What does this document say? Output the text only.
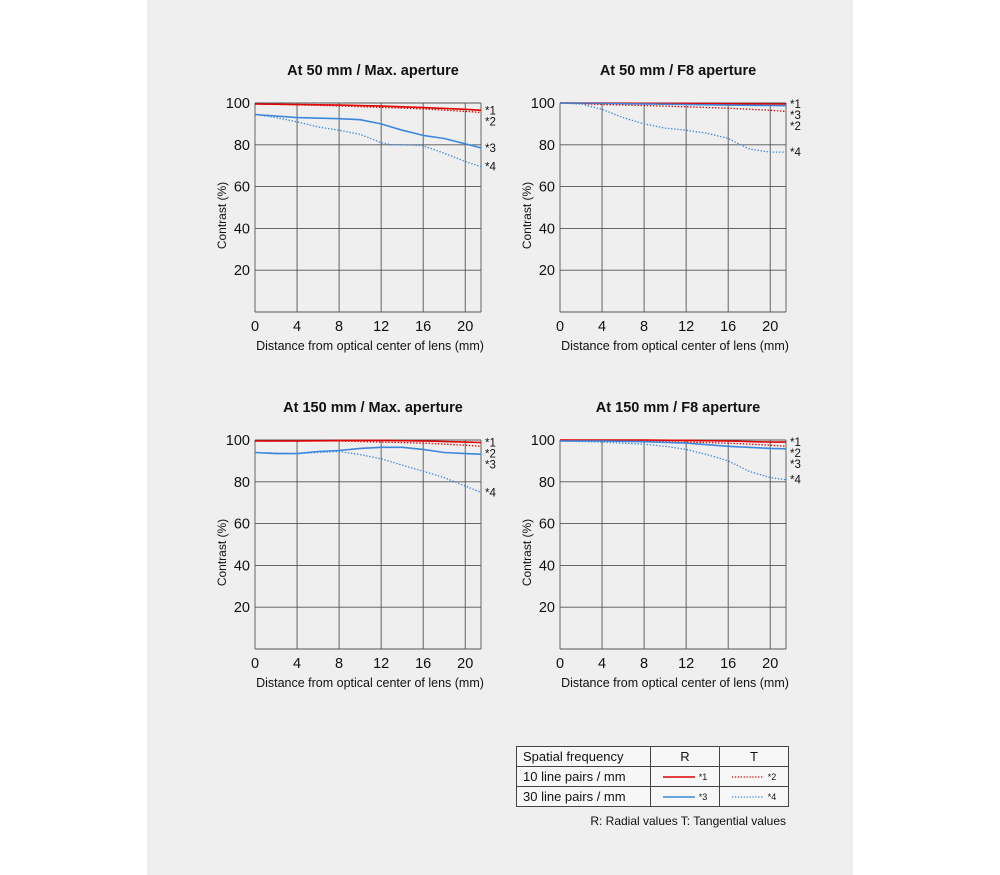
At 50 mm / Max. aperture
0 4 8 12 16 20
20
40
60
80
100
Distance from optical center of lens (mm)
Contrast (%)
*1
*2
*3
*4
At 50 mm / F8 aperture
0 4 8 12 16 20
20
40
60
80
100
Distance from optical center of lens (mm)
Contrast (%)
*1
*3
*2
*4
At 150 mm / Max. aperture
0 4 8 12 16 20
20
40
60
80
100
Distance from optical center of lens (mm)
Contrast (%)
*1
*2
*3
*4
At 150 mm / F8 aperture
0 4 8 12 16 20
20
40
60
80
100
Distance from optical center of lens (mm)
Contrast (%)
*1
*2
*3
*4
Spatial frequency	R	T
10 line pairs / mm	*1	*2

30 line pairs / mm	*3	*4
R: Radial values T: Tangential values
